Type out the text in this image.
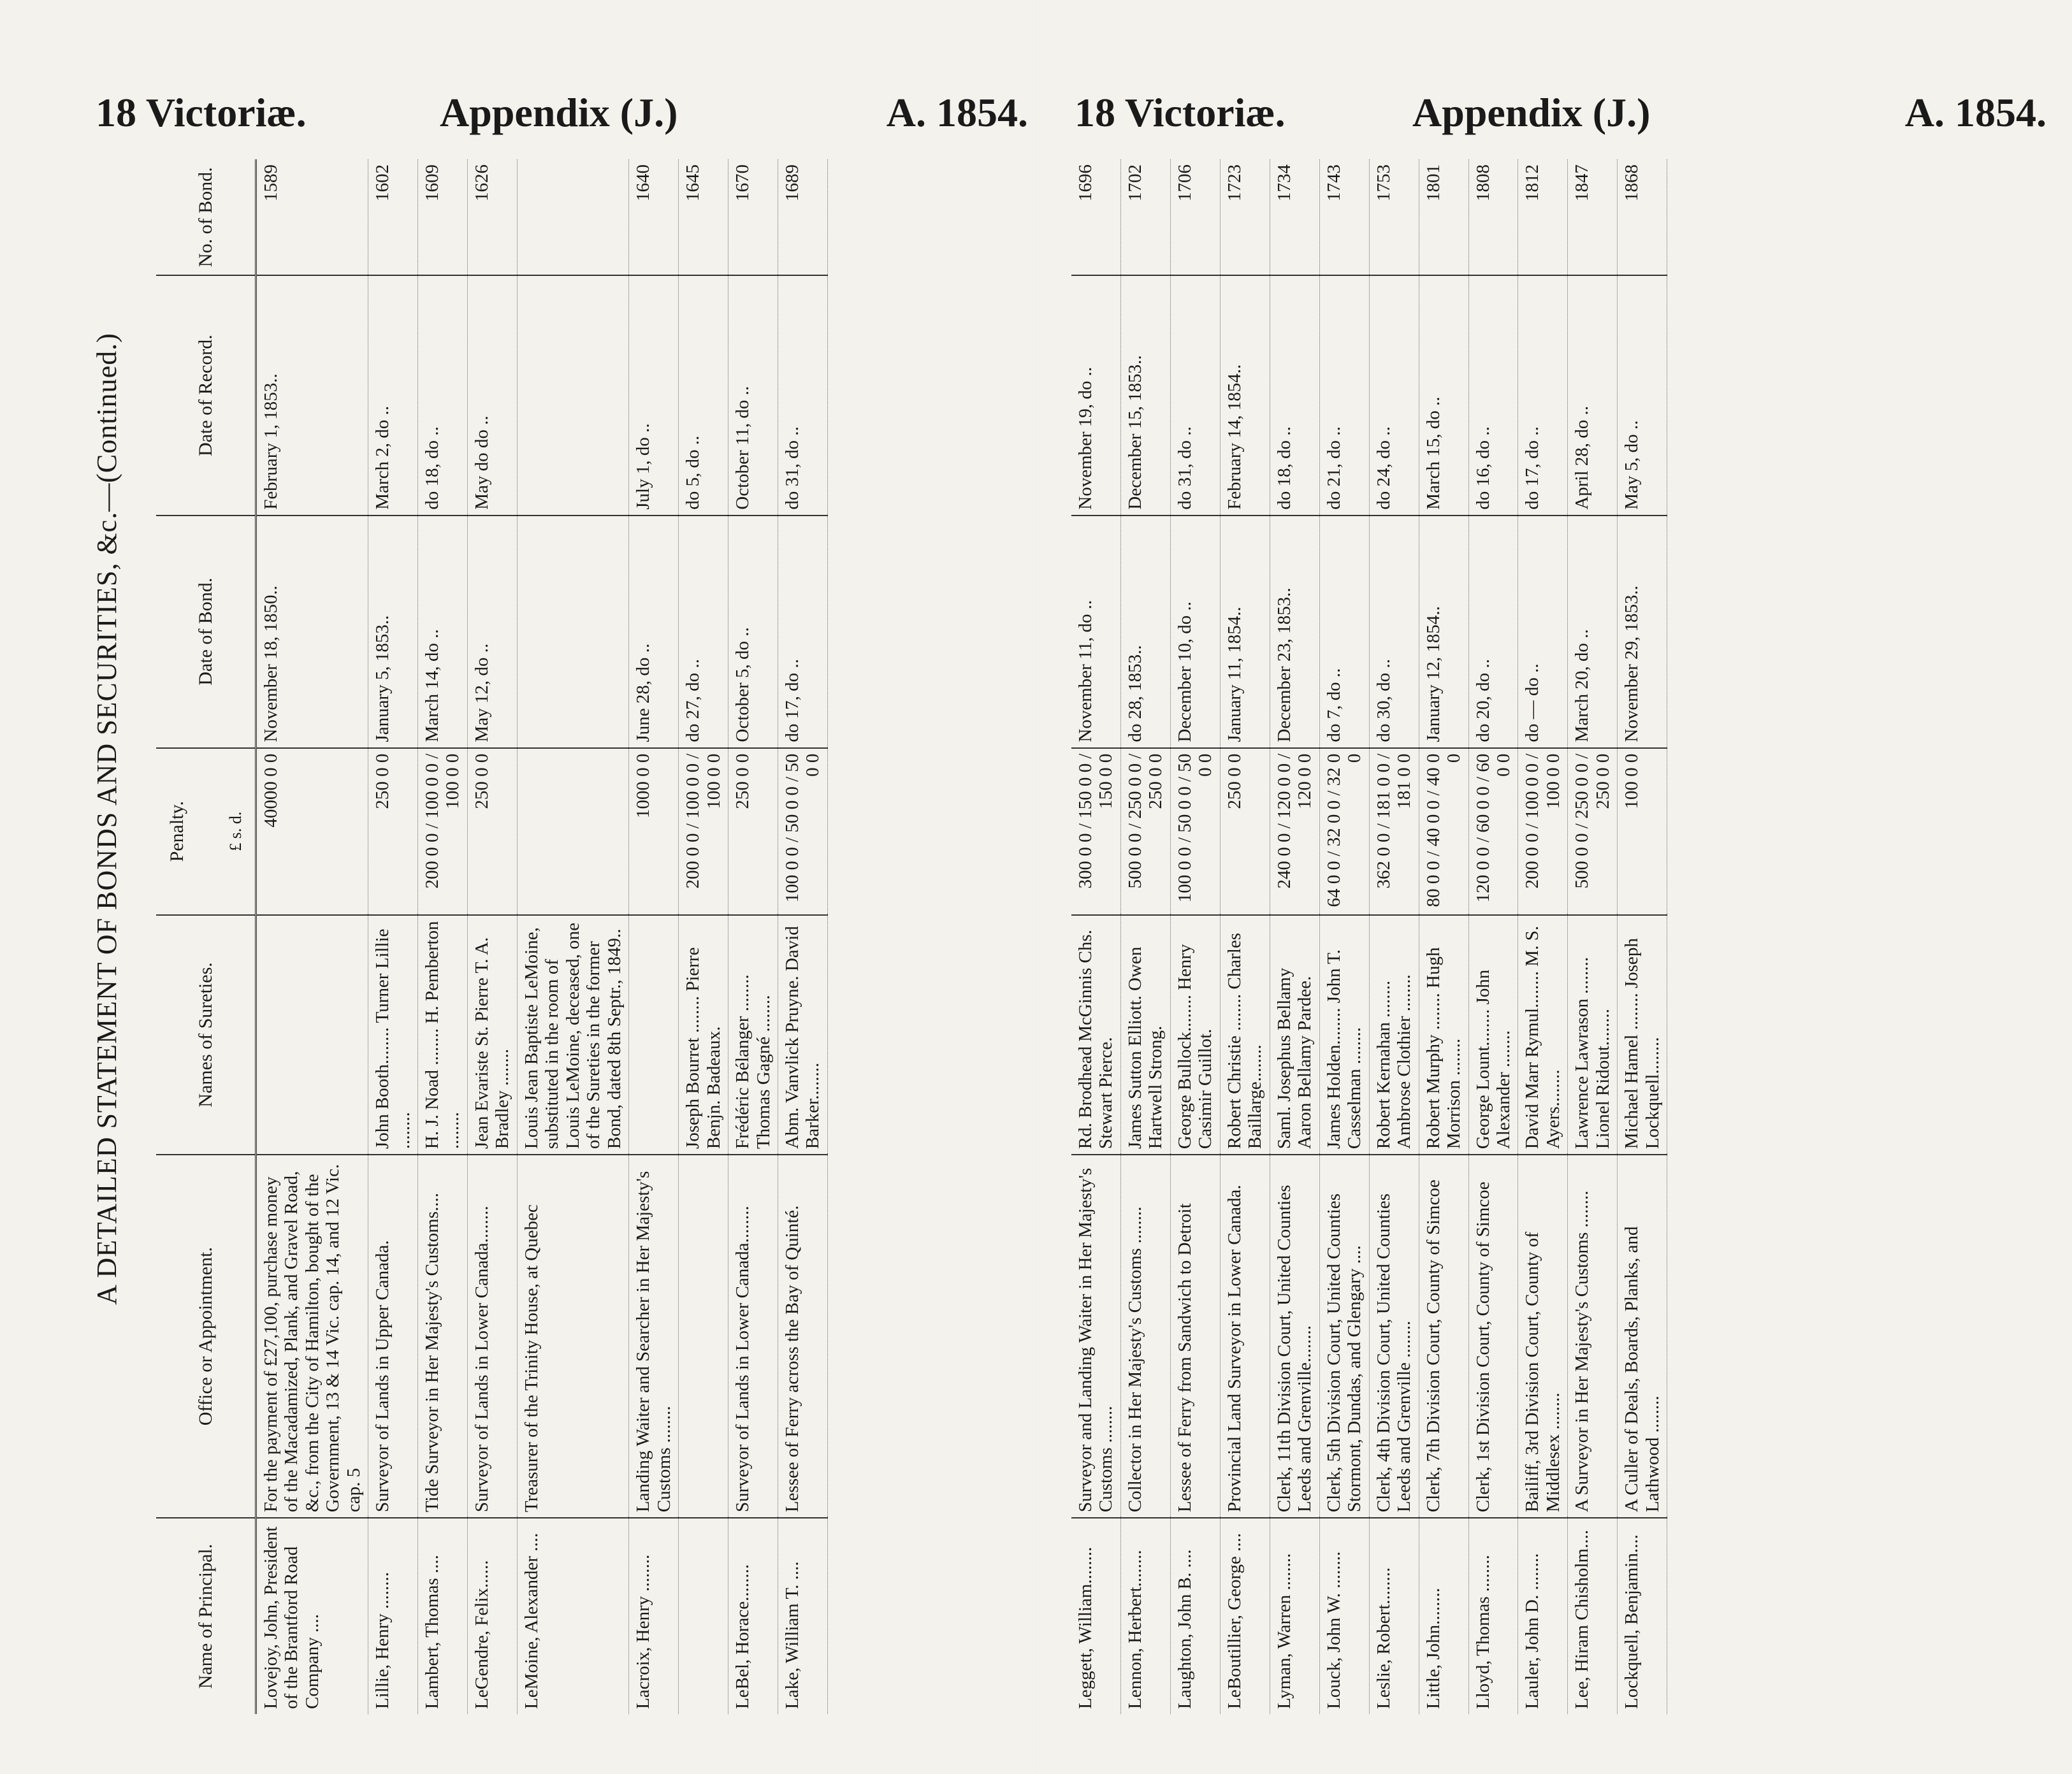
18 Victoriæ.	Appendix (J.)	A. 1854.
A DETAILED STATEMENT OF BONDS AND SECURITIES, &c.—(Continued.)
Name of Principal.	Office or Appointment.	Names of Sureties.	Penalty. £ s. d.	Date of Bond.	Date of Record.	No. of Bond.
Lovejoy, John, President of the Brantford Road Company ....	For the payment of £27,100, purchase money of the Macadamized, Plank, and Gravel Road, &c., from the City of Hamilton, bought of the Government, 13 & 14 Vic. cap. 14, and 12 Vic. cap. 5		40000 0 0	November 18, 1850..	February 1, 1853..	1589
Lillie, Henry ........	Surveyor of Lands in Upper Canada.	John Booth........ Turner Lillie ........	250 0 0	January 5, 1853..	March 2, do ..	1602
Lambert, Thomas ....	Tide Surveyor in Her Majesty's Customs....	H. J. Noad ........ H. Pemberton ........	200 0 0 / 100 0 0 / 100 0 0	March 14, do ..	do 18, do ..	1609
LeGendre, Felix......	Surveyor of Lands in Lower Canada........	Jean Evariste St. Pierre T. A. Bradley ........	250 0 0	May 12, do ..	May do do ..	1626
LeMoine, Alexander ....	Treasurer of the Trinity House, at Quebec	Louis Jean Baptiste LeMoine, substituted in the room of Louis LeMoine, deceased, one of the Sureties in the former Bond, dated 8th Septr., 1849..				
Lacroix, Henry ........	Landing Waiter and Searcher in Her Majesty's Customs ........		1000 0 0	June 28, do ..	July 1, do ..	1640
		Joseph Bourret ........ Pierre Benjn. Badeaux.	200 0 0 / 100 0 0 / 100 0 0	do 27, do ..	do 5, do ..	1645
LeBel, Horace........	Surveyor of Lands in Lower Canada........	Frédéric Bélanger ........ Thomas Gagné ........	250 0 0	October 5, do ..	October 11, do ..	1670
Lake, William T. ....	Lessee of Ferry across the Bay of Quinté.	Abm. Vanvlick Pruyne. David Barker........	100 0 0 / 50 0 0 / 50 0 0	do 17, do ..	do 31, do ..	1689
18 Victoriæ.	Appendix (J.)	A. 1854.
Leggett, William........	Surveyor and Landing Waiter in Her Majesty's Customs ........	Rd. Brodhead McGinnis Chs. Stewart Pierce.	300 0 0 / 150 0 0 / 150 0 0	November 11, do ..	November 19, do ..	1696
Lennon, Herbert........	Collector in Her Majesty's Customs ........	James Sutton Elliott. Owen Hartwell Strong.	500 0 0 / 250 0 0 / 250 0 0	do 28, 1853..	December 15, 1853..	1702
Laughton, John B. ....	Lessee of Ferry from Sandwich to Detroit	George Bullock........ Henry Casimir Guillot.	100 0 0 / 50 0 0 / 50 0 0	December 10, do ..	do 31, do ..	1706
LeBoutillier, George ....	Provincial Land Surveyor in Lower Canada.	Robert Christie ........ Charles Baillarge........	250 0 0	January 11, 1854..	February 14, 1854..	1723
Lyman, Warren ........	Clerk, 11th Division Court, United Counties Leeds and Grenville........	Saml. Josephus Bellamy Aaron Bellamy Pardee.	240 0 0 / 120 0 0 / 120 0 0	December 23, 1853..	do 18, do ..	1734
Louck, John W. ........	Clerk, 5th Division Court, United Counties Stormont, Dundas, and Glengary ....	James Holden........ John T. Casselman ........	64 0 0 / 32 0 0 / 32 0 0	do 7, do ..	do 21, do ..	1743
Leslie, Robert........	Clerk, 4th Division Court, United Counties Leeds and Grenville ........	Robert Kernahan ........ Ambrose Clothier ........	362 0 0 / 181 0 0 / 181 0 0	do 30, do ..	do 24, do ..	1753
Little, John........	Clerk, 7th Division Court, County of Simcoe	Robert Murphy ........ Hugh Morrison ........	80 0 0 / 40 0 0 / 40 0 0	January 12, 1854..	March 15, do ..	1801
Lloyd, Thomas ........	Clerk, 1st Division Court, County of Simcoe	George Lount........ John Alexander ........	120 0 0 / 60 0 0 / 60 0 0	do 20, do ..	do 16, do ..	1808
Lauler, John D. ........	Bailiff, 3rd Division Court, County of Middlesex ........	David Marr Rymul........ M. S. Ayers........	200 0 0 / 100 0 0 / 100 0 0	do — do ..	do 17, do ..	1812
Lee, Hiram Chisholm....	A Surveyor in Her Majesty's Customs ........	Lawrence Lawrason ........ Lionel Ridout........	500 0 0 / 250 0 0 / 250 0 0	March 20, do ..	April 28, do ..	1847
Lockquell, Benjamin....	A Culler of Deals, Boards, Planks, and Lathwood ........	Michael Hamel ........ Joseph Lockquell........	100 0 0	November 29, 1853..	May 5, do ..	1868
